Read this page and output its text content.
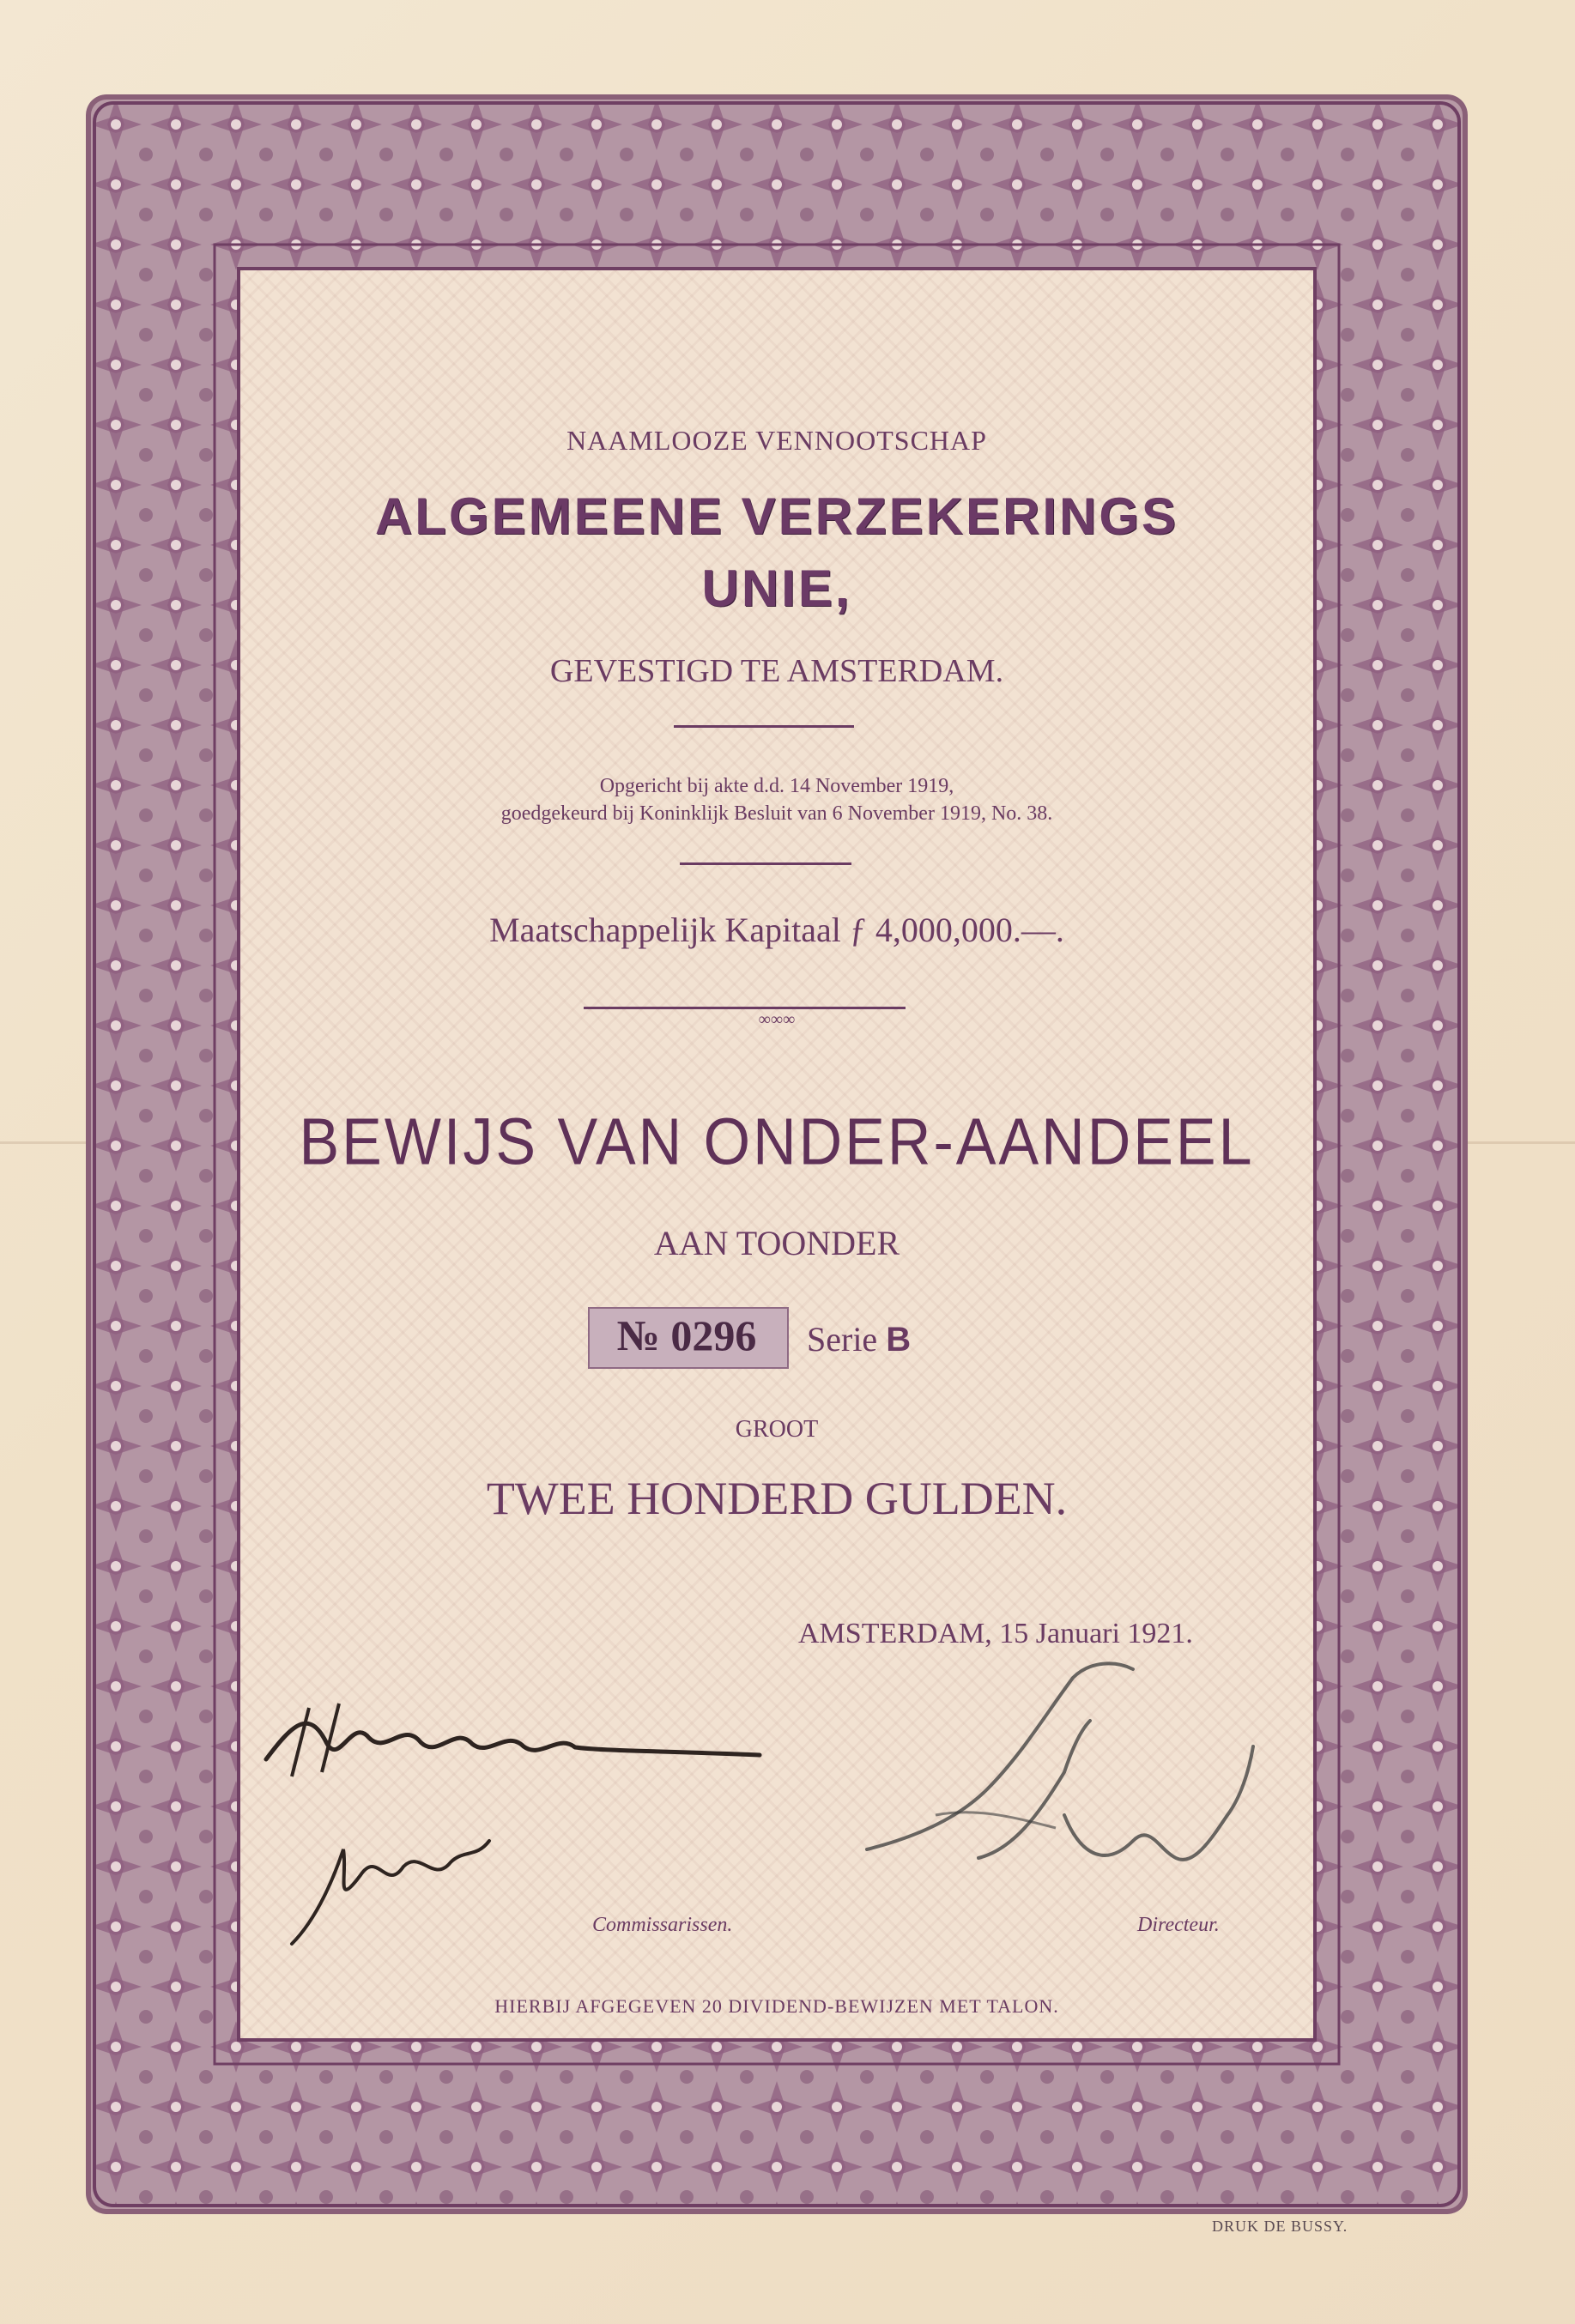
NAAMLOOZE VENNOOTSCHAP
ALGEMEENE VERZEKERINGS
UNIE,
GEVESTIGD TE AMSTERDAM.
Opgericht bij akte d.d. 14 November 1919,
goedgekeurd bij Koninklijk Besluit van 6 November 1919, No. 38.
Maatschappelijk Kapitaal ƒ 4,000,000.—.
∞∞∞
BEWIJS VAN ONDER-AANDEEL
AAN TOONDER
№ 0296	Serie B
GROOT
TWEE HONDERD GULDEN.
AMSTERDAM, 15 Januari 1921.
Commissarissen.	Directeur.
HIERBIJ AFGEGEVEN 20 DIVIDEND-BEWIJZEN MET TALON.
DRUK DE BUSSY.
